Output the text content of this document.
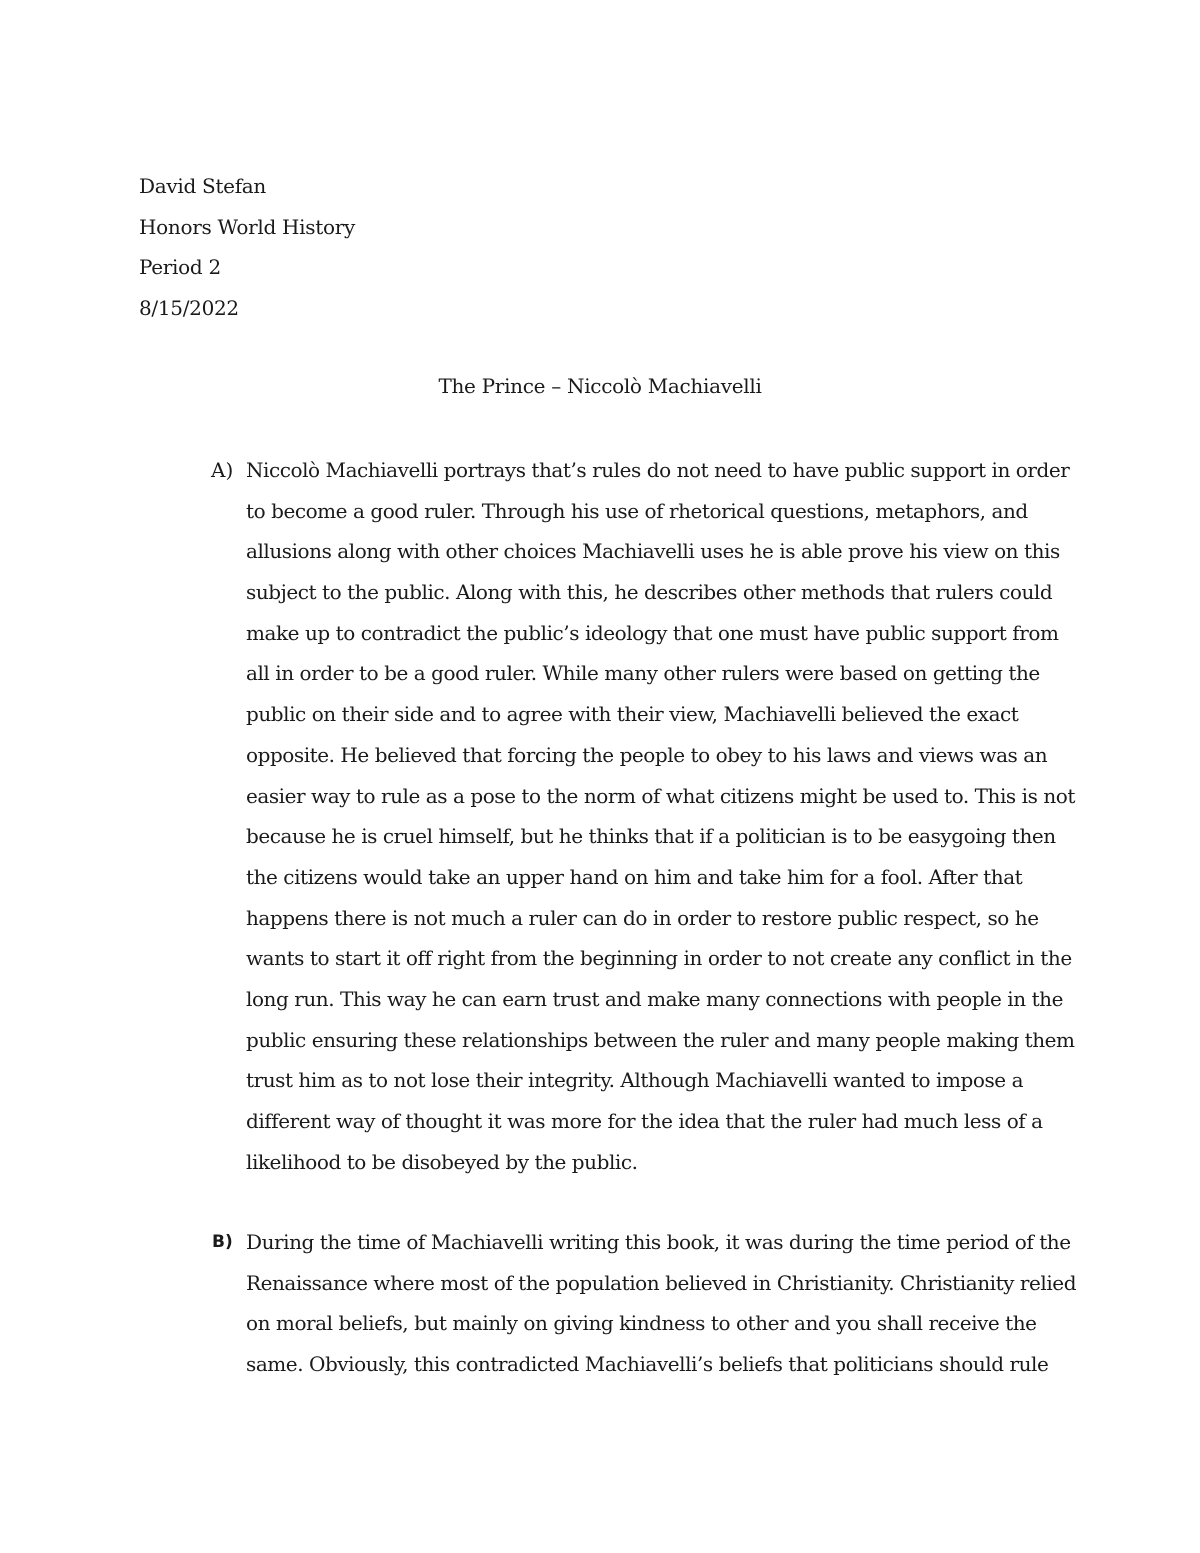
David Stefan
Honors World History
Period 2
8/15/2022
The Prince – Niccolò Machiavelli
A) Niccolò Machiavelli portrays that’s rules do not need to have public support in order
to become a good ruler. Through his use of rhetorical questions, metaphors, and
allusions along with other choices Machiavelli uses he is able prove his view on this
subject to the public. Along with this, he describes other methods that rulers could
make up to contradict the public’s ideology that one must have public support from
all in order to be a good ruler. While many other rulers were based on getting the
public on their side and to agree with their view, Machiavelli believed the exact
opposite. He believed that forcing the people to obey to his laws and views was an
easier way to rule as a pose to the norm of what citizens might be used to. This is not
because he is cruel himself, but he thinks that if a politician is to be easygoing then
the citizens would take an upper hand on him and take him for a fool. After that
happens there is not much a ruler can do in order to restore public respect, so he
wants to start it off right from the beginning in order to not create any conflict in the
long run. This way he can earn trust and make many connections with people in the
public ensuring these relationships between the ruler and many people making them
trust him as to not lose their integrity. Although Machiavelli wanted to impose a
different way of thought it was more for the idea that the ruler had much less of a
likelihood to be disobeyed by the public.
B) During the time of Machiavelli writing this book, it was during the time period of the
Renaissance where most of the population believed in Christianity. Christianity relied
on moral beliefs, but mainly on giving kindness to other and you shall receive the
same. Obviously, this contradicted Machiavelli’s beliefs that politicians should rule
